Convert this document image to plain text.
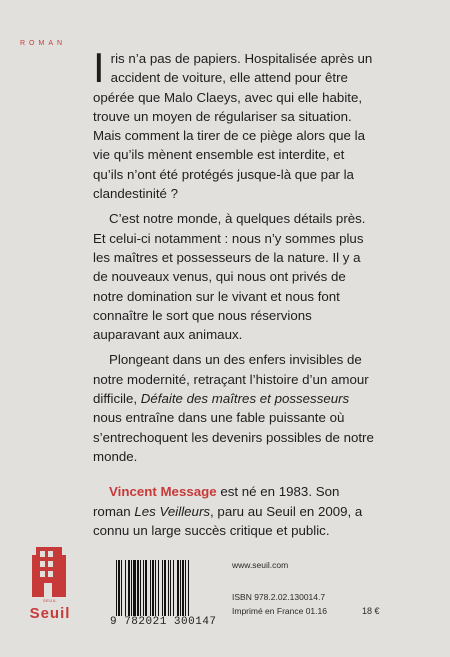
ROMAN

Iris n’a pas de papiers. Hospitalisée après un accident de voiture, elle attend pour être opérée que Malo Claeys, avec qui elle habite, trouve un moyen de régulariser sa situation. Mais comment la tirer de ce piège alors que la vie qu’ils mènent ensemble est interdite, et qu’ils n’ont été protégés jusque-là que par la clandestinité ?

C’est notre monde, à quelques détails près. Et celui-ci notamment : nous n’y sommes plus les maîtres et possesseurs de la nature. Il y a de nouveaux venus, qui nous ont privés de notre domination sur le vivant et nous font connaître le sort que nous réservions auparavant aux animaux.

Plongeant dans un des enfers invisibles de notre modernité, retraçant l’histoire d’un amour difficile, Défaite des maîtres et possesseurs nous entraîne dans une fable puissante où s’entrechoquent les devenirs possibles de notre monde.

Vincent Message est né en 1983. Son roman Les Veilleurs, paru au Seuil en 2009, a connu un large succès critique et public.

SEUIL
Seuil	9 782021 300147
www.seuil.com
ISBN 978.2.02.130014.7
Imprimé en France 01.16	18 €
